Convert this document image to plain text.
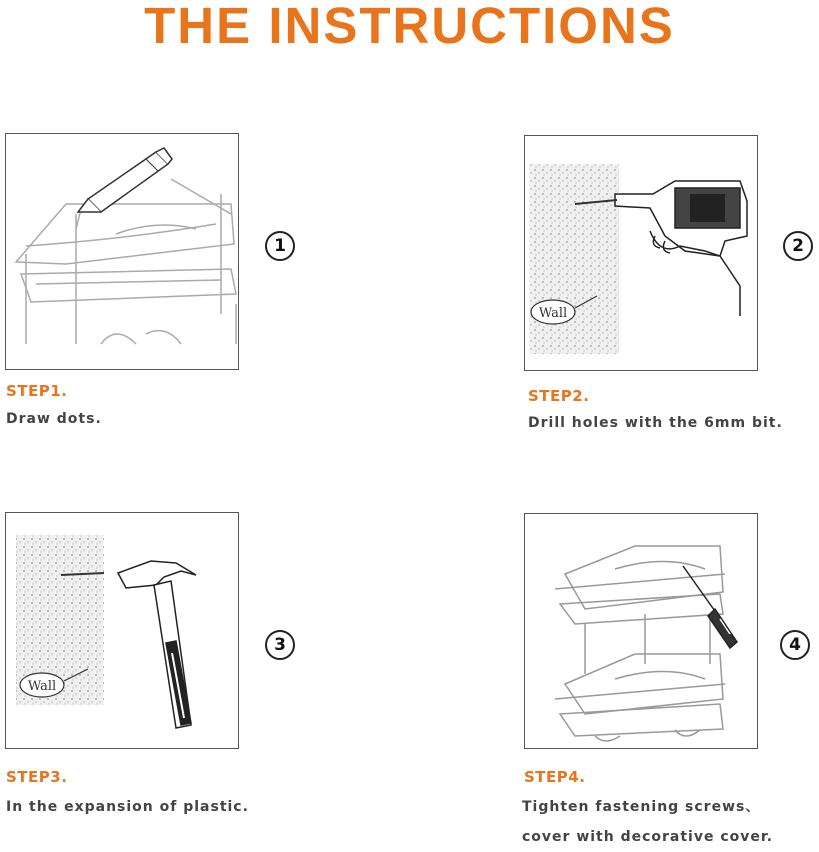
THE INSTRUCTIONS
1
STEP1.
Draw dots.
Wall
2
STEP2.
Drill holes with the 6mm bit.
Wall
3
STEP3.
In the expansion of plastic.
4
STEP4.
Tighten fastening screws、
cover with decorative cover.
